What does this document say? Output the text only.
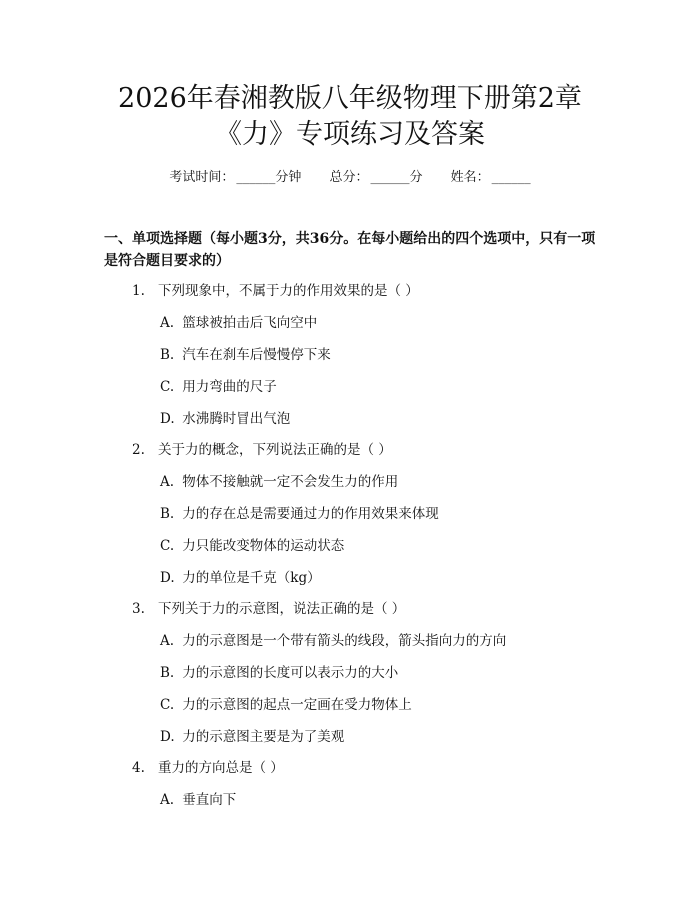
2026年春湘教版八年级物理下册第2章
《力》专项练习及答案
考试时间： ______分钟 总分： ______分 姓名： ______
一、单项选择题（每小题3分，共36分。在每小题给出的四个选项中，只有一项
是符合题目要求的）
1. 下列现象中，不属于力的作用效果的是（ ）
A. 篮球被拍击后飞向空中
B. 汽车在刹车后慢慢停下来
C. 用力弯曲的尺子
D. 水沸腾时冒出气泡
2. 关于力的概念，下列说法正确的是（ ）
A. 物体不接触就一定不会发生力的作用
B. 力的存在总是需要通过力的作用效果来体现
C. 力只能改变物体的运动状态
D. 力的单位是千克（kg）
3. 下列关于力的示意图，说法正确的是（ ）
A. 力的示意图是一个带有箭头的线段，箭头指向力的方向
B. 力的示意图的长度可以表示力的大小
C. 力的示意图的起点一定画在受力物体上
D. 力的示意图主要是为了美观
4. 重力的方向总是（ ）
A. 垂直向下
